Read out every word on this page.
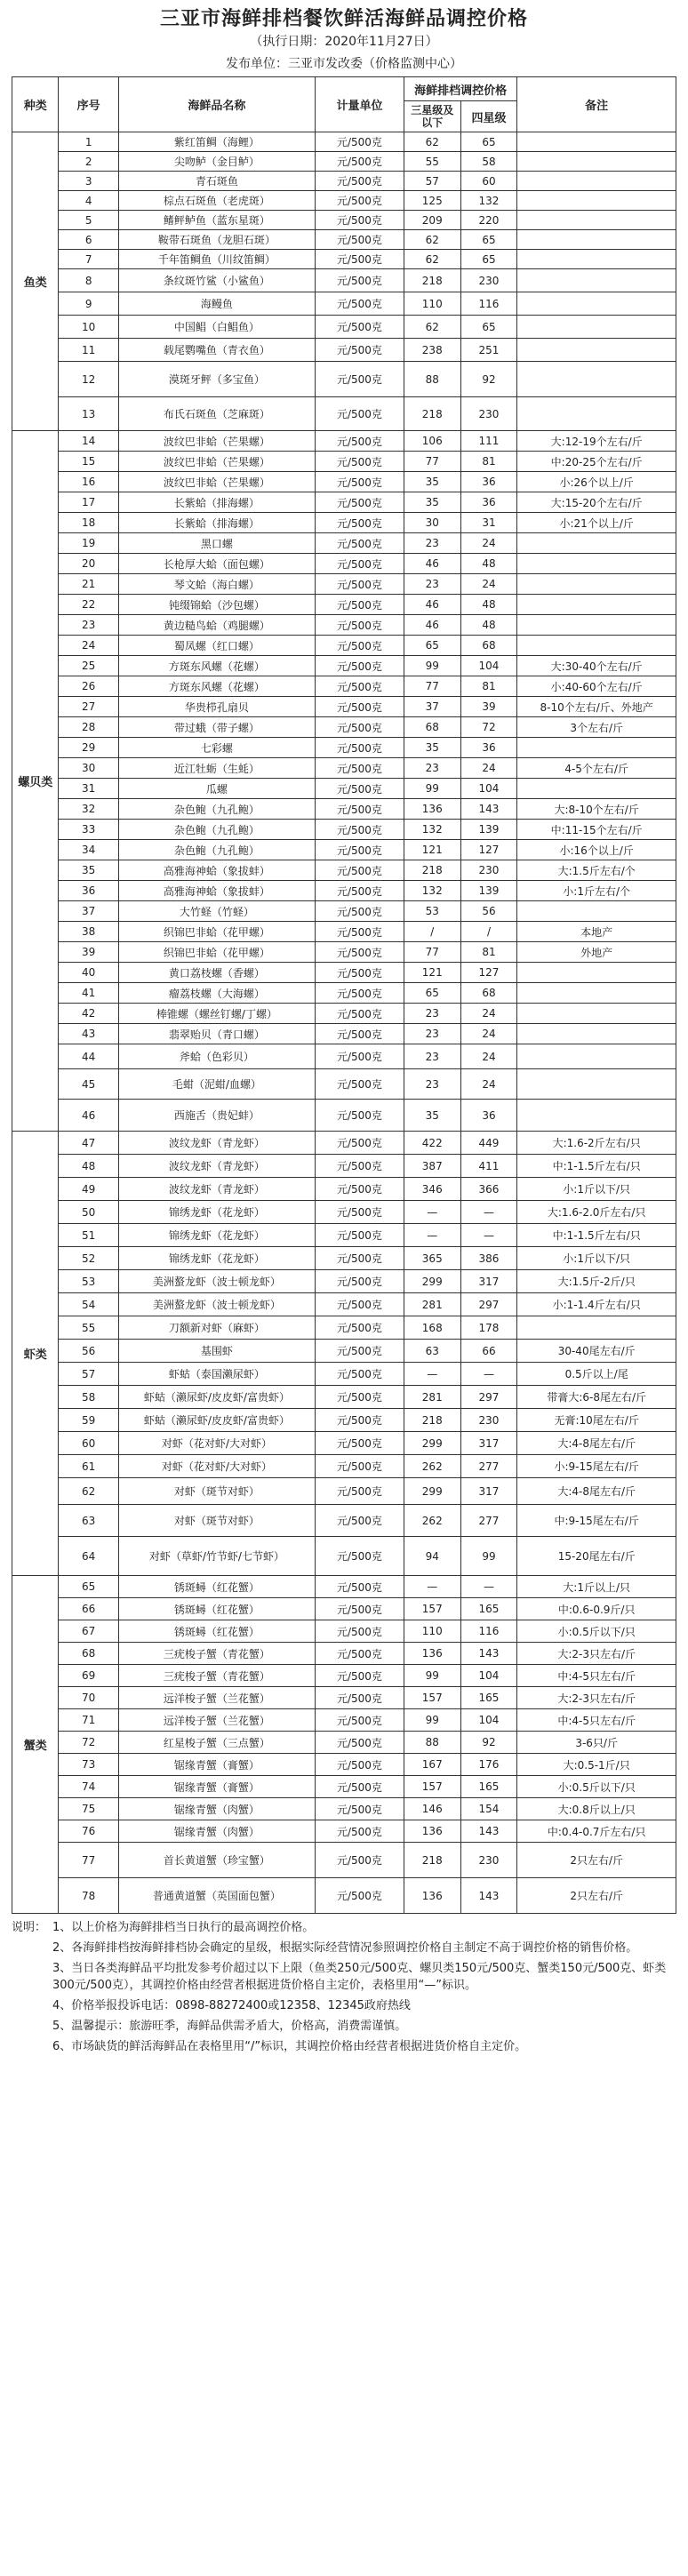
三亚市海鲜排档餐饮鲜活海鲜品调控价格
（执行日期：2020年11月27日）
发布单位：三亚市发改委（价格监测中心）
种类	序号	海鲜品名称	计量单位	海鲜排档调控价格		备注
				三星级及以下	四星级	
鱼类	1	紫红笛鲷（海鲤）	元/500克	62	65	
	2	尖吻鲈（金目鲈）	元/500克	55	58	
	3	青石斑鱼	元/500克	57	60	
	4	棕点石斑鱼（老虎斑）	元/500克	125	132	
	5	鳍鲆鲈鱼（蓝东星斑）	元/500克	209	220	
	6	鞍带石斑鱼（龙胆石斑）	元/500克	62	65	
	7	千年笛鲷鱼（川纹笛鲷）	元/500克	62	65	
	8	条纹斑竹鲨（小鲨鱼）	元/500克	218	230	
	9	海鳗鱼	元/500克	110	116	
	10	中国鲳（白鲳鱼）	元/500克	62	65	
	11	载尾鹦嘴鱼（青衣鱼）	元/500克	238	251	
	12	漠斑牙鲆（多宝鱼）	元/500克	88	92	
	13	布氏石斑鱼（芝麻斑）	元/500克	218	230	
螺贝类	14	波纹巴非蛤（芒果螺）	元/500克	106	111	大:12-19个左右/斤
	15	波纹巴非蛤（芒果螺）	元/500克	77	81	中:20-25个左右/斤
	16	波纹巴非蛤（芒果螺）	元/500克	35	36	小:26个以上/斤
	17	长紫蛤（排海螺）	元/500克	35	36	大:15-20个左右/斤
	18	长紫蛤（排海螺）	元/500克	30	31	小:21个以上/斤
	19	黑口螺	元/500克	23	24	
	20	长枪厚大蛤（面包螺）	元/500克	46	48	
	21	琴文蛤（海白螺）	元/500克	23	24	
	22	钝缀锦蛤（沙包螺）	元/500克	46	48	
	23	黄边糙鸟蛤（鸡腿螺）	元/500克	46	48	
	24	蜀凤螺（红口螺）	元/500克	65	68	
	25	方斑东风螺（花螺）	元/500克	99	104	大:30-40个左右/斤
	26	方斑东风螺（花螺）	元/500克	77	81	小:40-60个左右/斤
	27	华贵栉孔扇贝	元/500克	37	39	8-10个左右/斤、外地产
	28	带过蛾（带子螺）	元/500克	68	72	3个左右/斤
	29	七彩螺	元/500克	35	36	
	30	近江牡蛎（生蚝）	元/500克	23	24	4-5个左右/斤
	31	瓜螺	元/500克	99	104	
	32	杂色鲍（九孔鲍）	元/500克	136	143	大:8-10个左右/斤
	33	杂色鲍（九孔鲍）	元/500克	132	139	中:11-15个左右/斤
	34	杂色鲍（九孔鲍）	元/500克	121	127	小:16个以上/斤
	35	高雅海神蛤（象拔蚌）	元/500克	218	230	大:1.5斤左右/个
	36	高雅海神蛤（象拔蚌）	元/500克	132	139	小:1斤左右/个
	37	大竹蛏（竹蛏）	元/500克	53	56	
	38	织锦巴非蛤（花甲螺）	元/500克	/	/	本地产
	39	织锦巴非蛤（花甲螺）	元/500克	77	81	外地产
	40	黄口荔枝螺（香螺）	元/500克	121	127	
	41	瘤荔枝螺（大海螺）	元/500克	65	68	
	42	棒锥螺（螺丝钉螺/丁螺）	元/500克	23	24	
	43	翡翠贻贝（青口螺）	元/500克	23	24	
	44	斧蛤（色彩贝）	元/500克	23	24	
	45	毛蚶（泥蚶/血螺）	元/500克	23	24	
	46	西施舌（贵妃蚌）	元/500克	35	36	
虾类	47	波纹龙虾（青龙虾）	元/500克	422	449	大:1.6-2斤左右/只
	48	波纹龙虾（青龙虾）	元/500克	387	411	中:1-1.5斤左右/只
	49	波纹龙虾（青龙虾）	元/500克	346	366	小:1斤以下/只
	50	锦绣龙虾（花龙虾）	元/500克	—	—	大:1.6-2.0斤左右/只
	51	锦绣龙虾（花龙虾）	元/500克	—	—	中:1-1.5斤左右/只
	52	锦绣龙虾（花龙虾）	元/500克	365	386	小:1斤以下/只
	53	美洲螯龙虾（波士顿龙虾）	元/500克	299	317	大:1.5斤-2斤/只
	54	美洲螯龙虾（波士顿龙虾）	元/500克	281	297	小:1-1.4斤左右/只
	55	刀额新对虾（麻虾）	元/500克	168	178	
	56	基围虾	元/500克	63	66	30-40尾左右/斤
	57	虾蛄（泰国濑尿虾）	元/500克	—	—	0.5斤以上/尾
	58	虾蛄（濑尿虾/皮皮虾/富贵虾）	元/500克	281	297	带膏大:6-8尾左右/斤
	59	虾蛄（濑尿虾/皮皮虾/富贵虾）	元/500克	218	230	无膏:10尾左右/斤
	60	对虾（花对虾/大对虾）	元/500克	299	317	大:4-8尾左右/斤
	61	对虾（花对虾/大对虾）	元/500克	262	277	小:9-15尾左右/斤
	62	对虾（斑节对虾）	元/500克	299	317	大:4-8尾左右/斤
	63	对虾（斑节对虾）	元/500克	262	277	中:9-15尾左右/斤
	64	对虾（草虾/竹节虾/七节虾）	元/500克	94	99	15-20尾左右/斤
蟹类	65	锈斑蟳（红花蟹）	元/500克	—	—	大:1斤以上/只
	66	锈斑蟳（红花蟹）	元/500克	157	165	中:0.6-0.9斤/只
	67	锈斑蟳（红花蟹）	元/500克	110	116	小:0.5斤以下/只
	68	三疣梭子蟹（青花蟹）	元/500克	136	143	大:2-3只左右/斤
	69	三疣梭子蟹（青花蟹）	元/500克	99	104	中:4-5只左右/斤
	70	远洋梭子蟹（兰花蟹）	元/500克	157	165	大:2-3只左右/斤
	71	远洋梭子蟹（兰花蟹）	元/500克	99	104	中:4-5只左右/斤
	72	红星梭子蟹（三点蟹）	元/500克	88	92	3-6只/斤
	73	锯缘青蟹（膏蟹）	元/500克	167	176	大:0.5-1斤/只
	74	锯缘青蟹（膏蟹）	元/500克	157	165	小:0.5斤以下/只
	75	锯缘青蟹（肉蟹）	元/500克	146	154	大:0.8斤以上/只
	76	锯缘青蟹（肉蟹）	元/500克	136	143	中:0.4-0.7斤左右/只
	77	首长黄道蟹（珍宝蟹）	元/500克	218	230	2只左右/斤
	78	普通黄道蟹（英国面包蟹）	元/500克	136	143	2只左右/斤
说明： 1、以上价格为海鲜排档当日执行的最高调控价格。
2、各海鲜排档按海鲜排档协会确定的星级，根据实际经营情况参照调控价格自主制定不高于调控价格的销售价格。
3、当日各类海鲜品平均批发参考价超过以下上限（鱼类250元/500克、螺贝类150元/500克、蟹类150元/500克、虾类300元/500克），其调控价格由经营者根据进货价格自主定价，表格里用“—”标识。
4、价格举报投诉电话：0898-88272400或12358、12345政府热线
5、温馨提示：旅游旺季，海鲜品供需矛盾大，价格高，消费需谨慎。
6、市场缺货的鲜活海鲜品在表格里用“/”标识，其调控价格由经营者根据进货价格自主定价。
